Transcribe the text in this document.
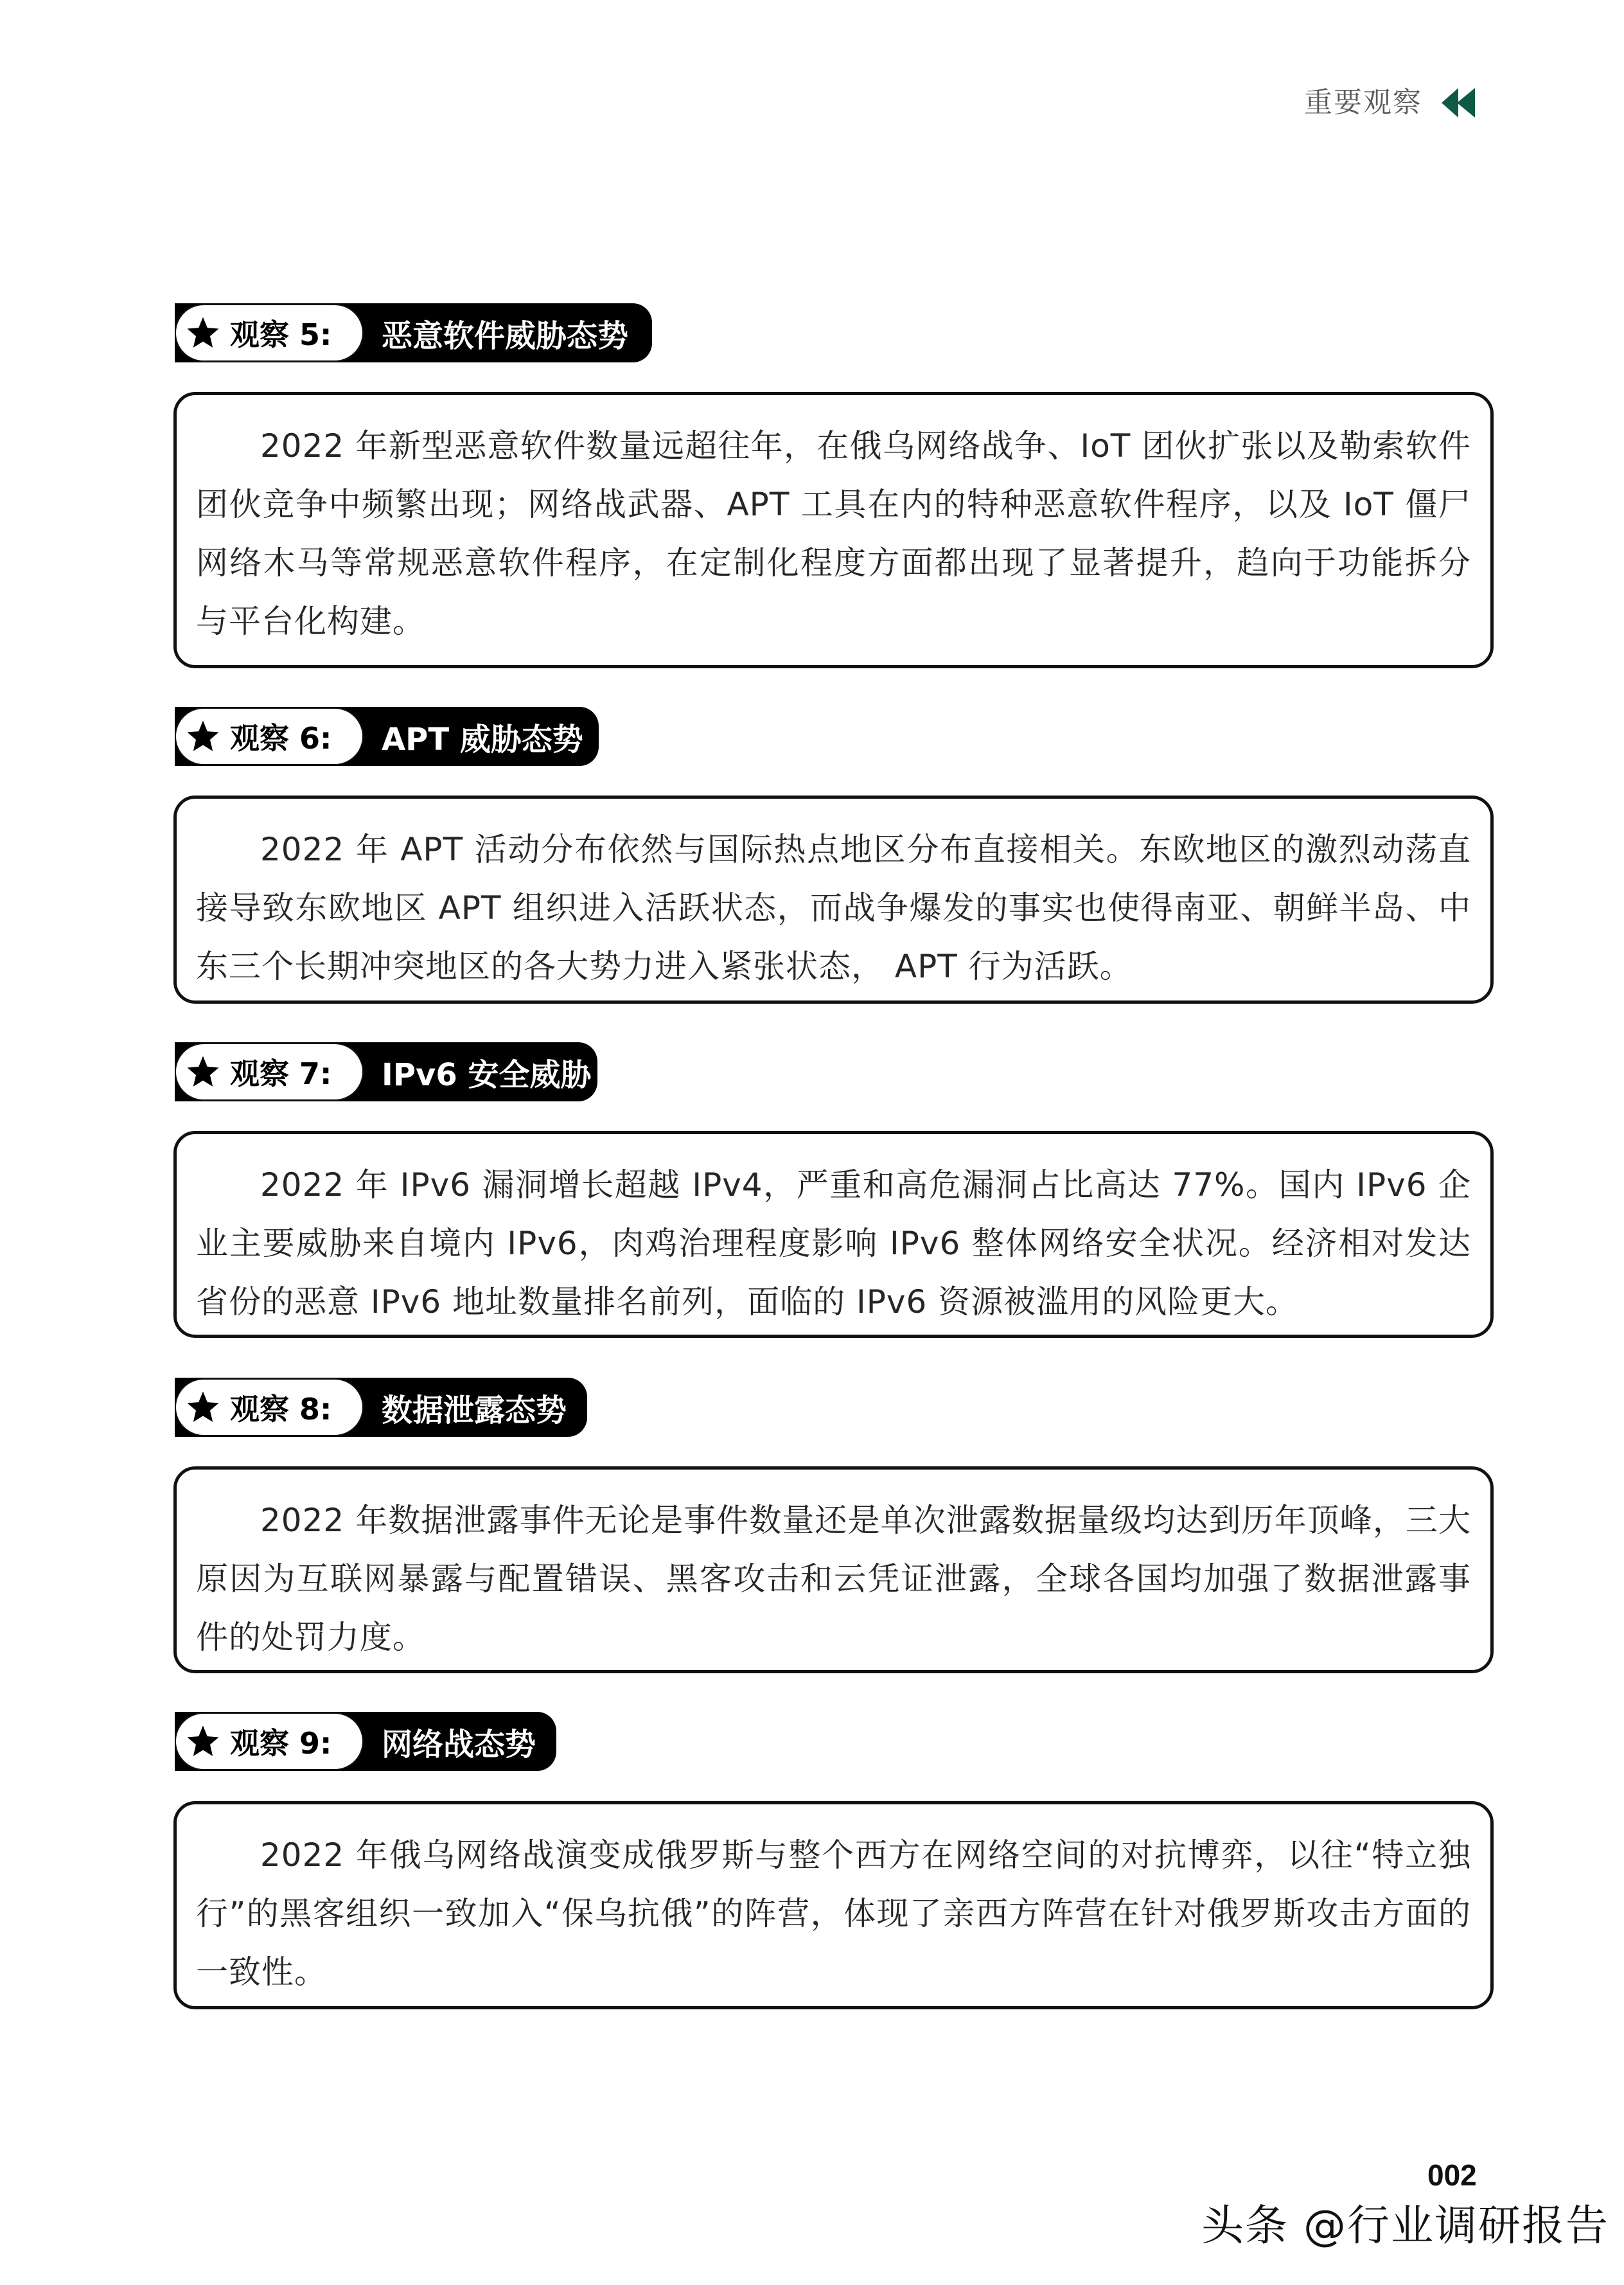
重要观察
观察 5:	恶意软件威胁态势

2022 年新型恶意软件数量远超往年，在俄乌网络战争、IoT 团伙扩张以及勒索软件团伙竞争中频繁出现；网络战武器、APT 工具在内的特种恶意软件程序，以及 IoT 僵尸网络木马等常规恶意软件程序，在定制化程度方面都出现了显著提升，趋向于功能拆分与平台化构建。

观察 6:	APT 威胁态势

2022 年 APT 活动分布依然与国际热点地区分布直接相关。东欧地区的激烈动荡直接导致东欧地区 APT 组织进入活跃状态，而战争爆发的事实也使得南亚、朝鲜半岛、中东三个长期冲突地区的各大势力进入紧张状态， APT 行为活跃。

观察 7:	IPv6 安全威胁

2022 年 IPv6 漏洞增长超越 IPv4，严重和高危漏洞占比高达 77%。国内 IPv6 企业主要威胁来自境内 IPv6，肉鸡治理程度影响 IPv6 整体网络安全状况。经济相对发达省份的恶意 IPv6 地址数量排名前列，面临的 IPv6 资源被滥用的风险更大。

观察 8:	数据泄露态势

2022 年数据泄露事件无论是事件数量还是单次泄露数据量级均达到历年顶峰，三大原因为互联网暴露与配置错误、黑客攻击和云凭证泄露，全球各国均加强了数据泄露事件的处罚力度。

观察 9:	网络战态势

2022 年俄乌网络战演变成俄罗斯与整个西方在网络空间的对抗博弈，以往“特立独行”的黑客组织一致加入“保乌抗俄”的阵营，体现了亲西方阵营在针对俄罗斯攻击方面的一致性。

002
头条 @行业调研报告
